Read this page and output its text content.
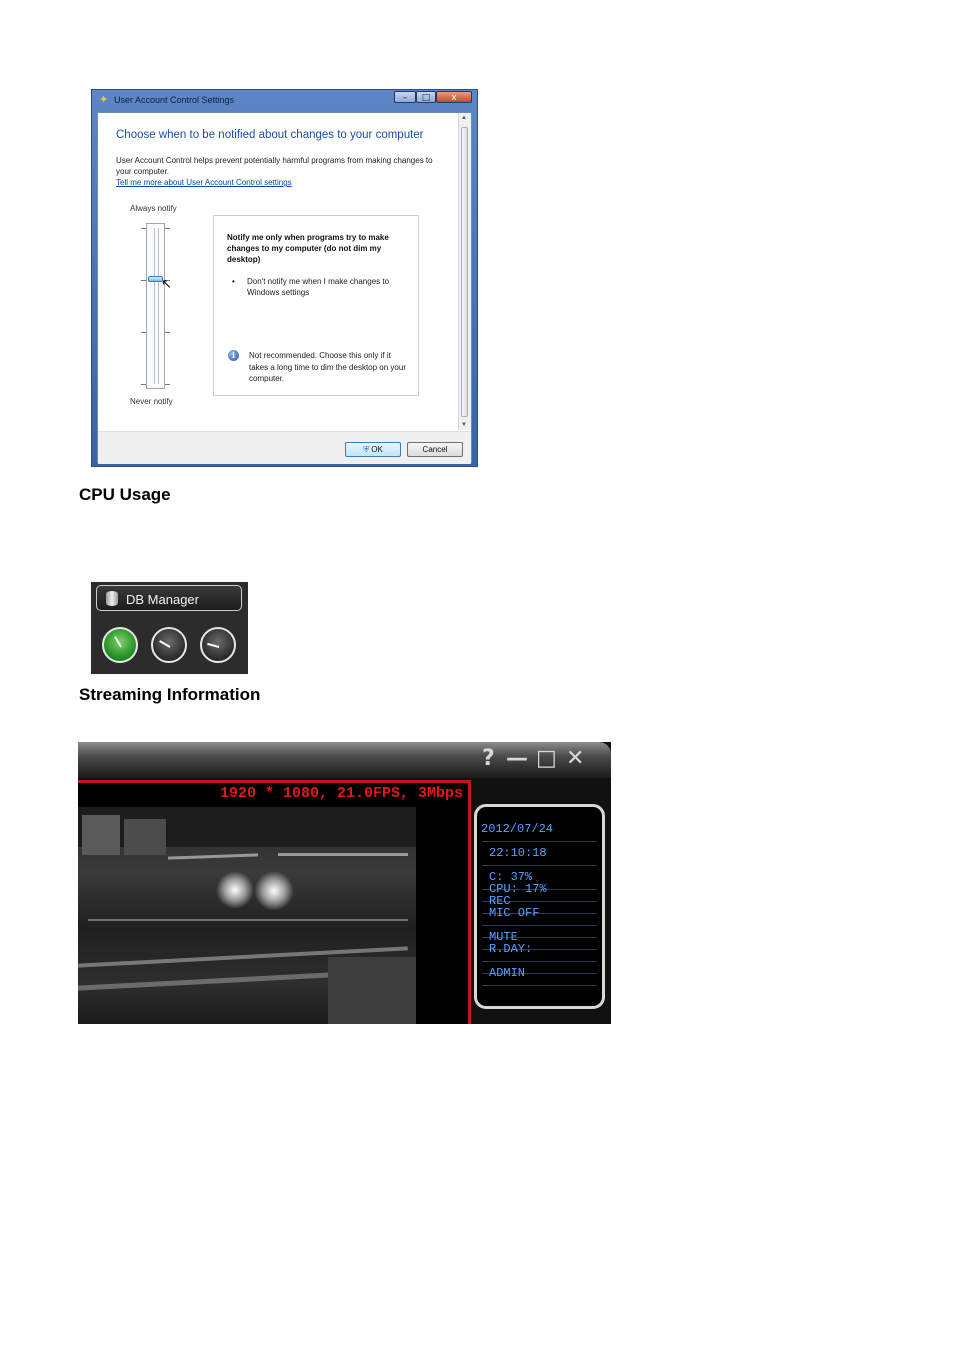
✦ User Account Control Settings	–	□	x
▲
▼
Choose when to be notified about changes to your computer
User Account Control helps prevent potentially harmful programs from making changes to your computer.
Tell me more about User Account Control settings
Always notify
↖
Never notify
Notify me only when programs try to make changes to my computer (do not dim my desktop)
• Don't notify me when I make changes to Windows settings
i	Not recommended. Choose this only if it takes a long time to dim the desktop on your computer.
⛨ OK	Cancel
CPU Usage
DB Manager
Streaming Information
? — □ ✕
1920 * 1080, 21.0FPS, 3Mbps
2012/07/24
22:10:18
C: 37%
CPU: 17%
REC
MIC OFF
MUTE
R.DAY:
ADMIN
